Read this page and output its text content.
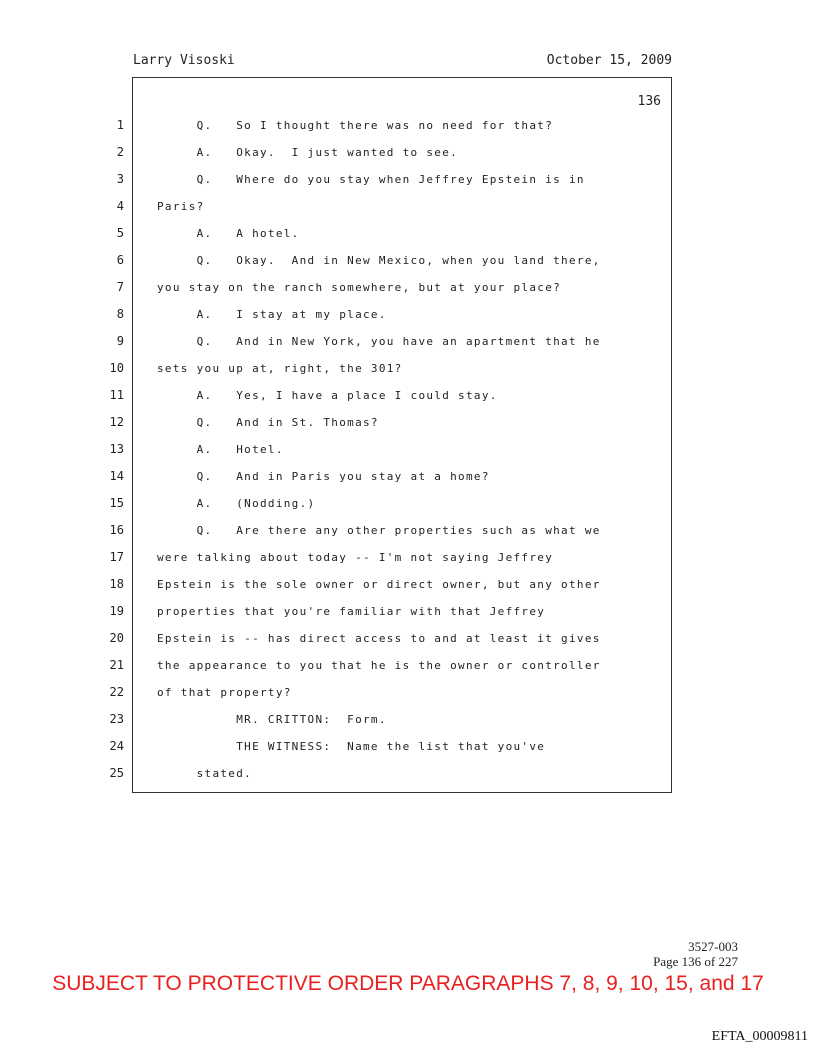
Larry Visoski	October 15, 2009
136
1
2
3
4
5
6
7
8
9
10
11
12
13
14
15
16
17
18
19
20
21
22
23
24
25
Q.   So I thought there was no need for that?
A.   Okay.  I just wanted to see.
Q.   Where do you stay when Jeffrey Epstein is in
Paris?
A.   A hotel.
Q.   Okay.  And in New Mexico, when you land there,
you stay on the ranch somewhere, but at your place?
A.   I stay at my place.
Q.   And in New York, you have an apartment that he
sets you up at, right, the 301?
A.   Yes, I have a place I could stay.
Q.   And in St. Thomas?
A.   Hotel.
Q.   And in Paris you stay at a home?
A.   (Nodding.)
Q.   Are there any other properties such as what we
were talking about today -- I'm not saying Jeffrey
Epstein is the sole owner or direct owner, but any other
properties that you're familiar with that Jeffrey
Epstein is -- has direct access to and at least it gives
the appearance to you that he is the owner or controller
of that property?
MR. CRITTON:  Form.
THE WITNESS:  Name the list that you've
stated.
3527-003
Page 136 of 227
SUBJECT TO PROTECTIVE ORDER PARAGRAPHS 7, 8, 9, 10, 15, and 17
EFTA_00009811
